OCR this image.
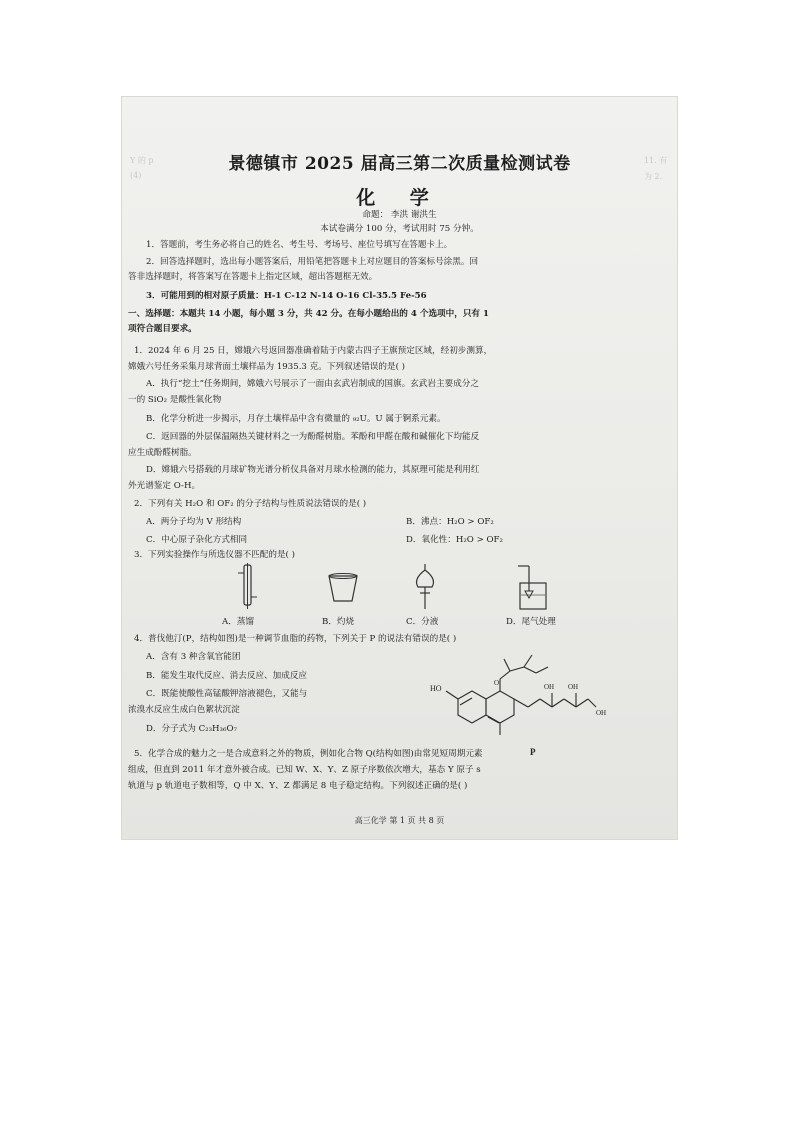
Y 的 p
(4)
11. 有
为 2.
景德镇市 2025 届高三第二次质量检测试卷
化 学
命题： 李洪 谢洪生
本试卷满分 100 分，考试用时 75 分钟。
1．答题前，考生务必将自己的姓名、考生号、考场号、座位号填写在答题卡上。
2．回答选择题时，选出每小题答案后，用铅笔把答题卡上对应题目的答案标号涂黑。回
答非选择题时，将答案写在答题卡上指定区域，超出答题框无效。
3．可能用到的相对原子质量：H-1 C-12 N-14 O-16 Cl-35.5 Fe-56
一、选择题：本题共 14 小题，每小题 3 分，共 42 分。在每小题给出的 4 个选项中，只有 1
项符合题目要求。
1．2024 年 6 月 25 日，嫦娥六号返回器准确着陆于内蒙古四子王旗预定区域，经初步测算，
嫦娥六号任务采集月球背面土壤样品为 1935.3 克。下列叙述错误的是( )
A．执行“挖土”任务期间，嫦娥六号展示了一面由玄武岩制成的国旗。玄武岩主要成分之
一的 SiO₂ 是酸性氧化物
B．化学分析进一步揭示，月存土壤样品中含有微量的 ₉₂U。U 属于锕系元素。
C．返回器的外层保温隔热关键材料之一为酚醛树脂。苯酚和甲醛在酸和碱催化下均能反
应生成酚醛树脂。
D．嫦娥六号搭载的月球矿物光谱分析仪具备对月球水检测的能力，其原理可能是利用红
外光谱鉴定 O-H。
2．下列有关 H₂O 和 OF₂ 的分子结构与性质说法错误的是( )
A．两分子均为 V 形结构	B．沸点：H₂O > OF₂
C．中心原子杂化方式相同	D．氧化性：H₂O > OF₂
3．下列实验操作与所选仪器不匹配的是( )
A．蒸馏	B．灼烧	C．分液	D．尾气处理
4．普伐他汀(P，结构如图)是一种调节血脂的药物，下列关于 P 的说法有错误的是( )
A．含有 3 种含氧官能团
B．能发生取代反应、消去反应、加成反应
C．既能使酸性高锰酸钾溶液褪色，又能与
浓溴水反应生成白色絮状沉淀
D．分子式为 C₂₃H₃₆O₇
HO
O	OH OH
OH
P
5．化学合成的魅力之一是合成意料之外的物质，例如化合物 Q(结构如图)由常见短周期元素
组成，但直到 2011 年才意外被合成。已知 W、X、Y、Z 原子序数依次增大，基态 Y 原子 s
轨道与 p 轨道电子数相等，Q 中 X、Y、Z 都满足 8 电子稳定结构。下列叙述正确的是( )
高三化学 第 1 页 共 8 页
